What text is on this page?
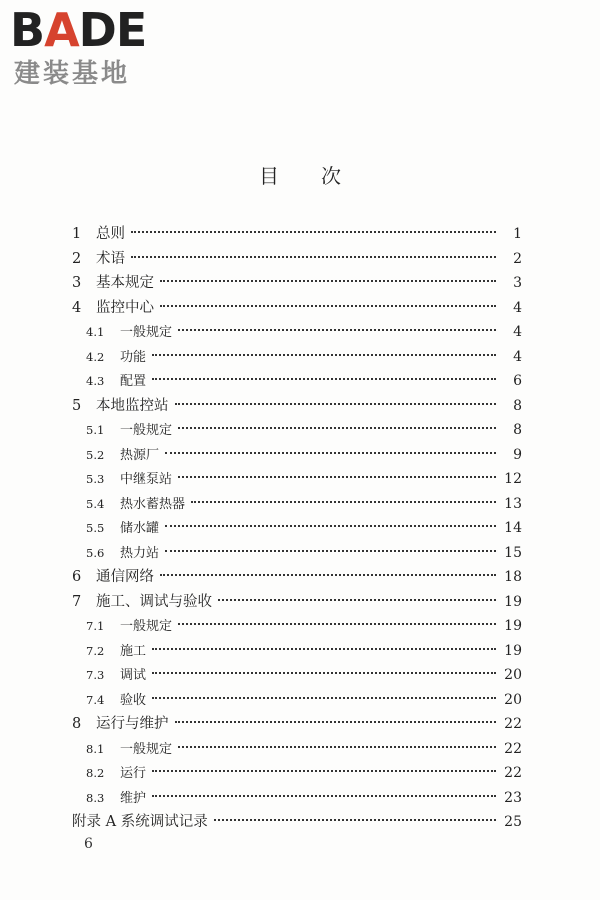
BADE
建装基地
目 次
1	总则	1
2	术语	2
3	基本规定	3
4	监控中心	4
4.1	一般规定	4
4.2	功能	4
4.3	配置	6
5	本地监控站	8
5.1	一般规定	8
5.2	热源厂	9
5.3	中继泵站	12
5.4	热水蓄热器	13
5.5	储水罐	14
5.6	热力站	15
6	通信网络	18
7	施工、调试与验收	19
7.1	一般规定	19
7.2	施工	19
7.3	调试	20
7.4	验收	20
8	运行与维护	22
8.1	一般规定	22
8.2	运行	22
8.3	维护	23
附录 A 系统调试记录	25
6
